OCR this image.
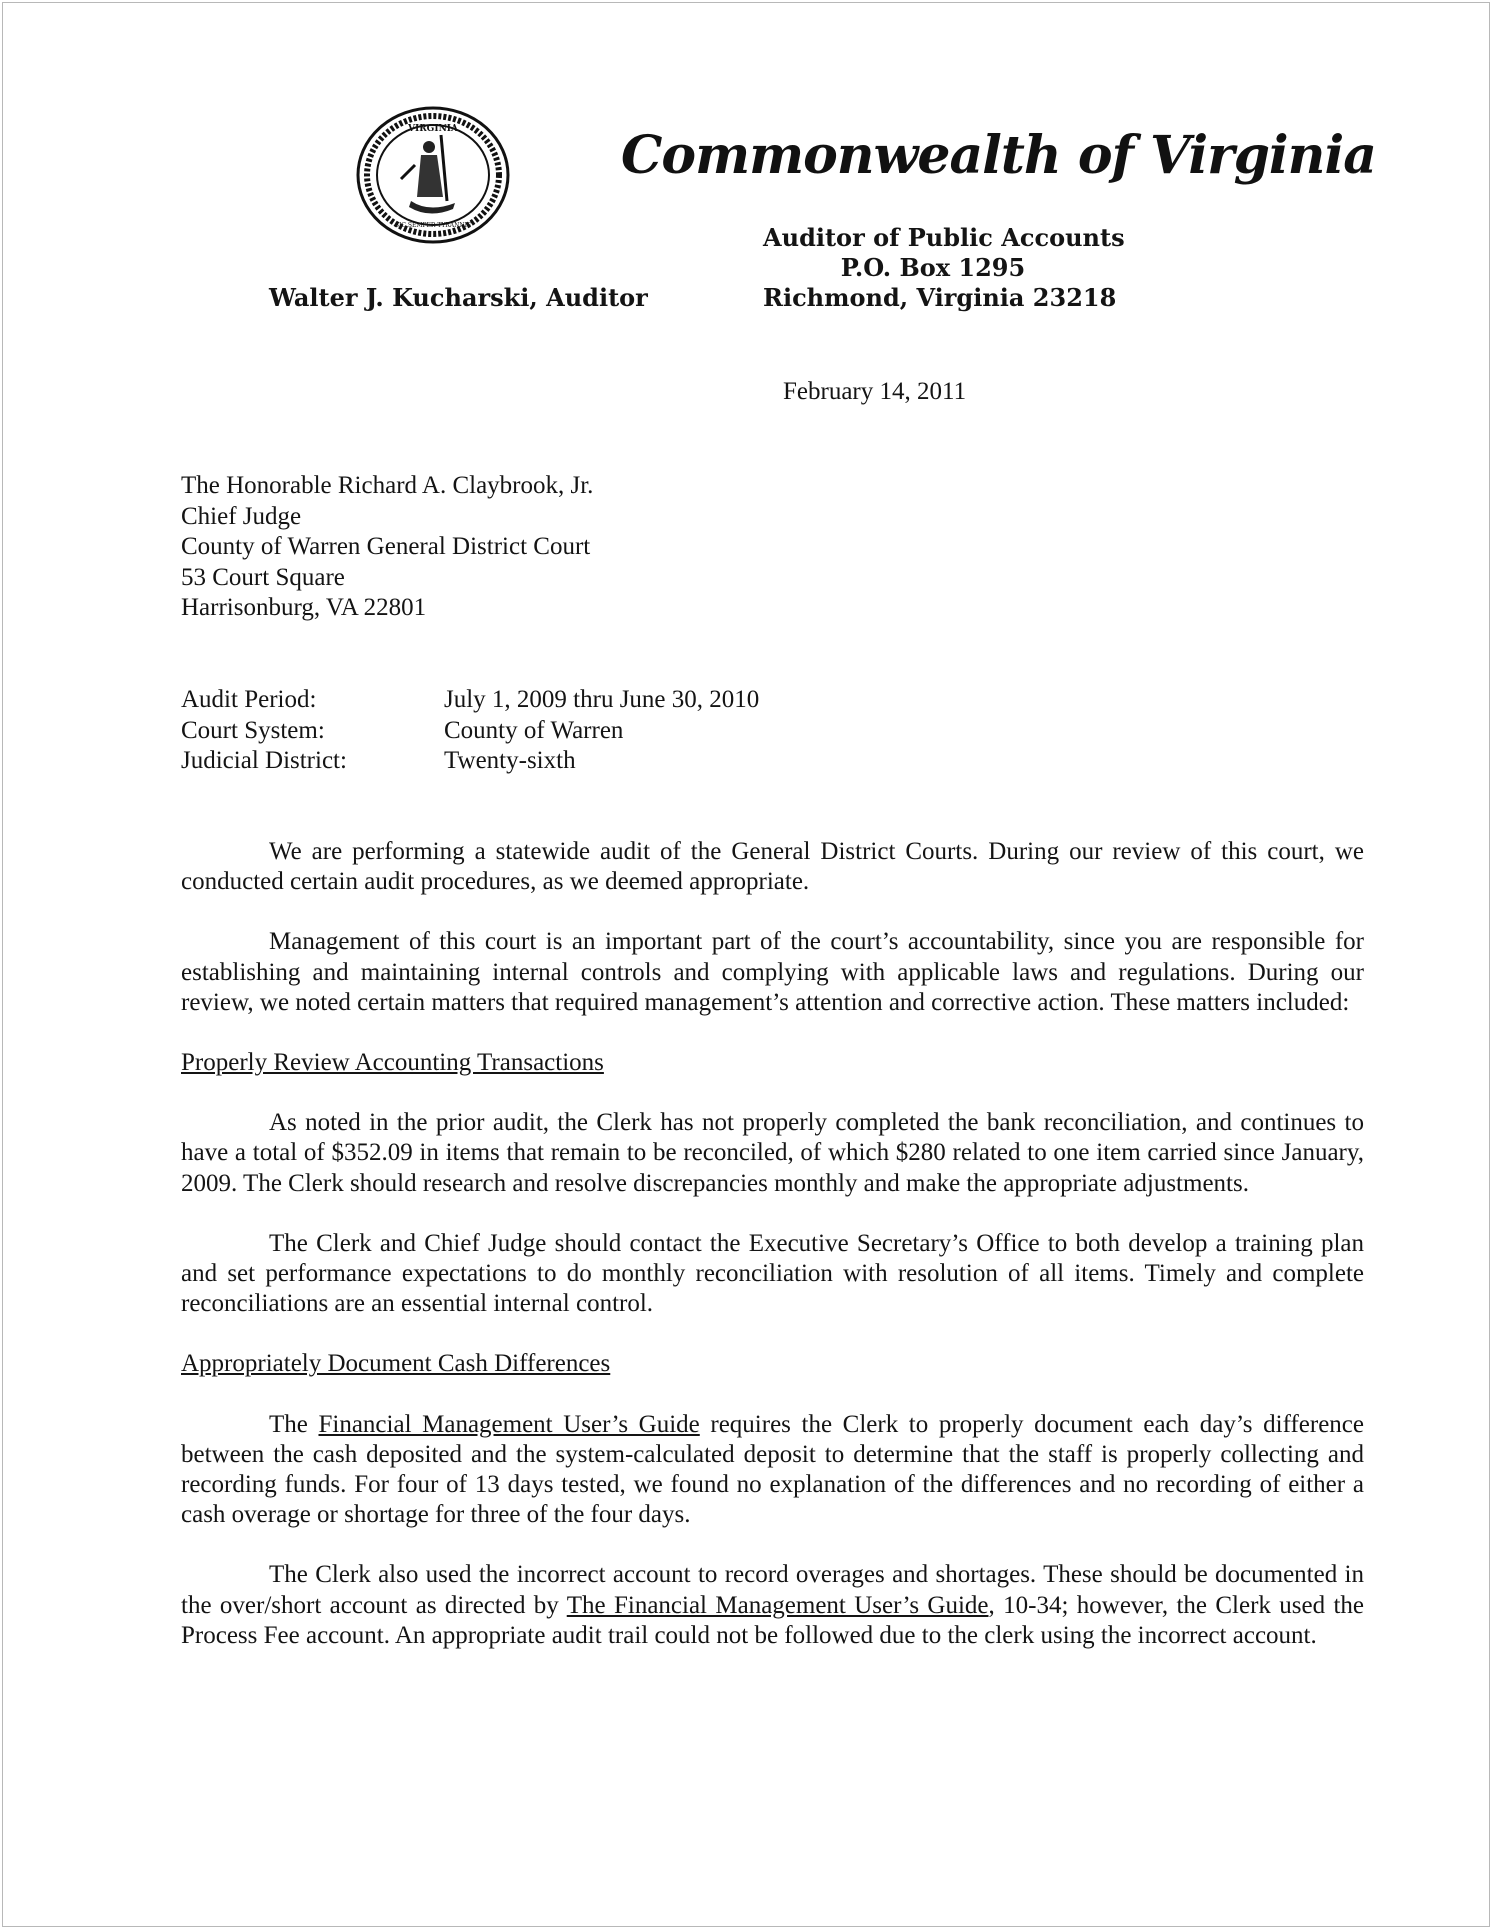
VIRGINIA
SIC SEMPER TYRANNIS
Commonwealth of Virginia
Walter J. Kucharski, Auditor
Auditor of Public Accounts
P.O. Box 1295
Richmond, Virginia 23218
February 14, 2011
The Honorable Richard A. Claybrook, Jr.
Chief Judge
County of Warren General District Court
53 Court Square
Harrisonburg, VA 22801
Audit Period:	July 1, 2009 thru June 30, 2010
Court System:	County of Warren
Judicial District:	Twenty-sixth

We are performing a statewide audit of the General District Courts. During our review of this court, we conducted certain audit procedures, as we deemed appropriate.

Management of this court is an important part of the court’s accountability, since you are responsible for establishing and maintaining internal controls and complying with applicable laws and regulations. During our review, we noted certain matters that required management’s attention and corrective action. These matters included:

Properly Review Accounting Transactions

As noted in the prior audit, the Clerk has not properly completed the bank reconciliation, and continues to have a total of $352.09 in items that remain to be reconciled, of which $280 related to one item carried since January, 2009. The Clerk should research and resolve discrepancies monthly and make the appropriate adjustments.

The Clerk and Chief Judge should contact the Executive Secretary’s Office to both develop a training plan and set performance expectations to do monthly reconciliation with resolution of all items. Timely and complete reconciliations are an essential internal control.

Appropriately Document Cash Differences

The Financial Management User’s Guide requires the Clerk to properly document each day’s difference between the cash deposited and the system-calculated deposit to determine that the staff is properly collecting and recording funds. For four of 13 days tested, we found no explanation of the differences and no recording of either a cash overage or shortage for three of the four days.

The Clerk also used the incorrect account to record overages and shortages. These should be documented in the over/short account as directed by The Financial Management User’s Guide, 10-34; however, the Clerk used the Process Fee account. An appropriate audit trail could not be followed due to the clerk using the incorrect account.
